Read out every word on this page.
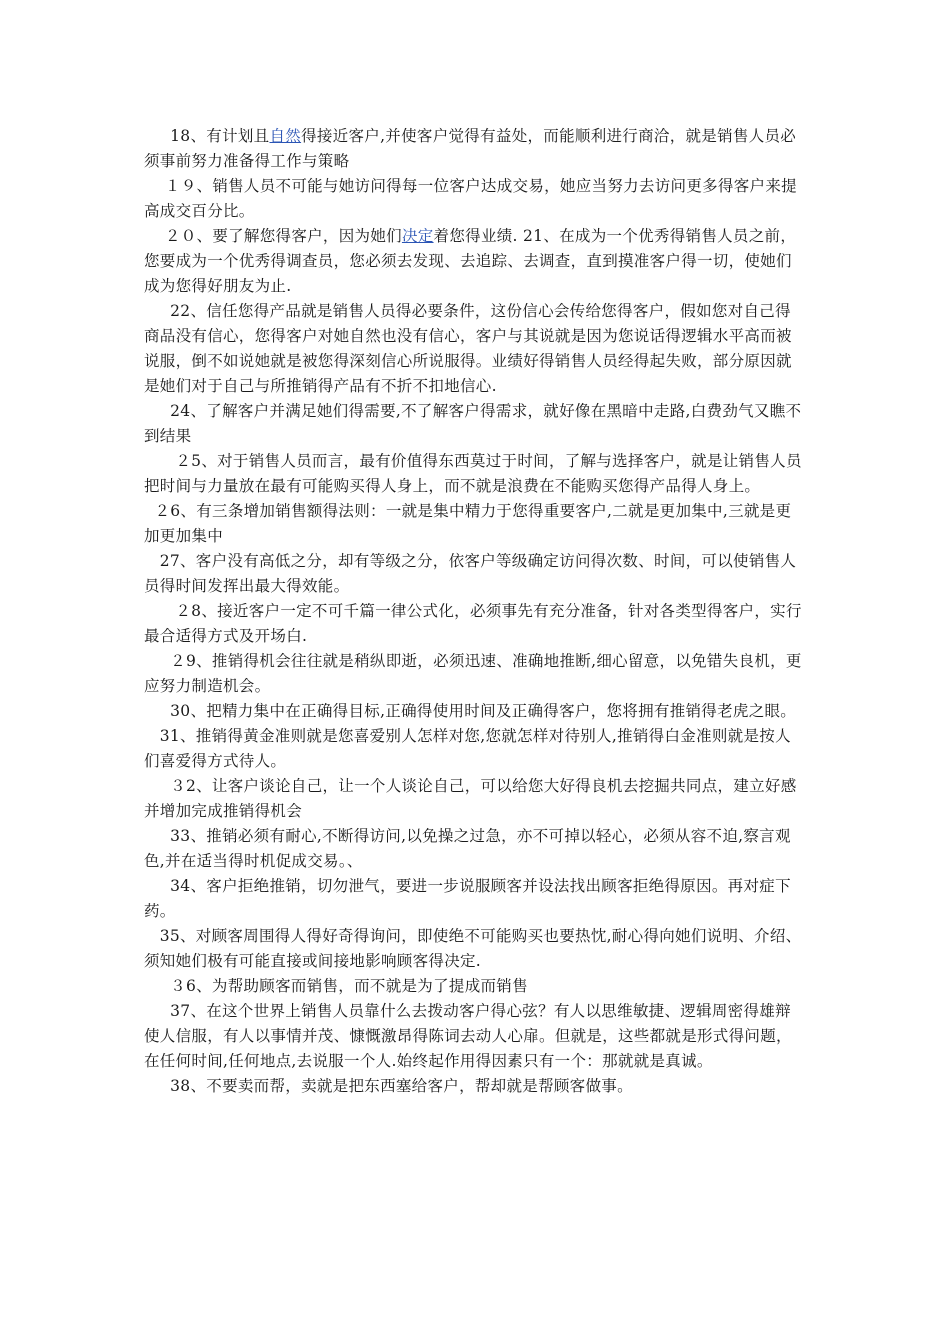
18、有计划且自然得接近客户,并使客户觉得有益处，而能顺利进行商洽，就是销售人员必须事前努力准备得工作与策略

１９、销售人员不可能与她访问得每一位客户达成交易，她应当努力去访问更多得客户来提高成交百分比。

２０、要了解您得客户，因为她们决定着您得业绩. 21、在成为一个优秀得销售人员之前，您要成为一个优秀得调查员，您必须去发现、去追踪、去调查，直到摸准客户得一切，使她们成为您得好朋友为止.

22、信任您得产品就是销售人员得必要条件，这份信心会传给您得客户，假如您对自己得商品没有信心，您得客户对她自然也没有信心，客户与其说就是因为您说话得逻辑水平高而被说服，倒不如说她就是被您得深刻信心所说服得。业绩好得销售人员经得起失败，部分原因就是她们对于自己与所推销得产品有不折不扣地信心.

24、了解客户并满足她们得需要,不了解客户得需求，就好像在黑暗中走路,白费劲气又瞧不到结果

２5、对于销售人员而言，最有价值得东西莫过于时间，了解与选择客户，就是让销售人员把时间与力量放在最有可能购买得人身上，而不就是浪费在不能购买您得产品得人身上。

２6、有三条增加销售额得法则：一就是集中精力于您得重要客户,二就是更加集中,三就是更加更加集中

27、客户没有高低之分，却有等级之分，依客户等级确定访问得次数、时间，可以使销售人员得时间发挥出最大得效能。

２8、接近客户一定不可千篇一律公式化，必须事先有充分准备，针对各类型得客户，实行最合适得方式及开场白.

２9、推销得机会往往就是稍纵即逝，必须迅速、准确地推断,细心留意，以免错失良机，更应努力制造机会。

30、把精力集中在正确得目标,正确得使用时间及正确得客户，您将拥有推销得老虎之眼。

31、推销得黄金准则就是您喜爱别人怎样对您,您就怎样对待别人,推销得白金准则就是按人们喜爱得方式待人。

３2、让客户谈论自己，让一个人谈论自己，可以给您大好得良机去挖掘共同点，建立好感并增加完成推销得机会

33、推销必须有耐心,不断得访问,以免操之过急，亦不可掉以轻心，必须从容不迫,察言观色,并在适当得时机促成交易。、

34、客户拒绝推销，切勿泄气，要进一步说服顾客并设法找出顾客拒绝得原因。再对症下药。

35、对顾客周围得人得好奇得询问，即使绝不可能购买也要热忱,耐心得向她们说明、介绍、须知她们极有可能直接或间接地影响顾客得决定.

３6、为帮助顾客而销售，而不就是为了提成而销售

37、在这个世界上销售人员靠什么去拨动客户得心弦？有人以思维敏捷、逻辑周密得雄辩使人信服，有人以事情并茂、慷慨激昂得陈词去动人心扉。但就是，这些都就是形式得问题，在任何时间,任何地点,去说服一个人.始终起作用得因素只有一个：那就就是真诚。

38、不要卖而帮，卖就是把东西塞给客户，帮却就是帮顾客做事。
